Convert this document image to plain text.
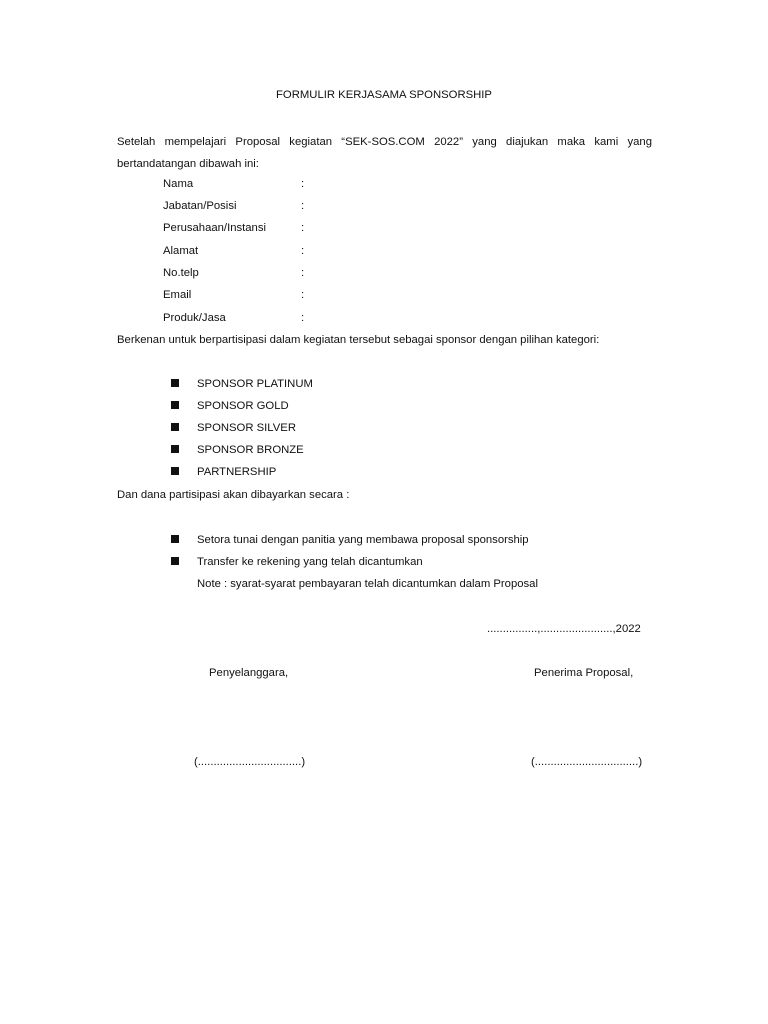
FORMULIR KERJASAMA SPONSORSHIP
Setelah mempelajari Proposal kegiatan “SEK-SOS.COM 2022” yang diajukan maka kami yang bertandatangan dibawah ini:
Nama	:
Jabatan/Posisi	:
Perusahaan/Instansi	:
Alamat	:
No.telp	:
Email	:
Produk/Jasa	:
Berkenan untuk berpartisipasi dalam kegiatan tersebut sebagai sponsor dengan pilihan kategori:
SPONSOR PLATINUM
SPONSOR GOLD
SPONSOR SILVER
SPONSOR BRONZE
PARTNERSHIP
Dan dana partisipasi akan dibayarkan secara :
Setora tunai dengan panitia yang membawa proposal sponsorship
Transfer ke rekening yang telah dicantumkan
Note : syarat-syarat pembayaran telah dicantumkan dalam Proposal
................,.......................,2022
Penyelanggara,	Penerima Proposal,
(.................................)	(.................................)
